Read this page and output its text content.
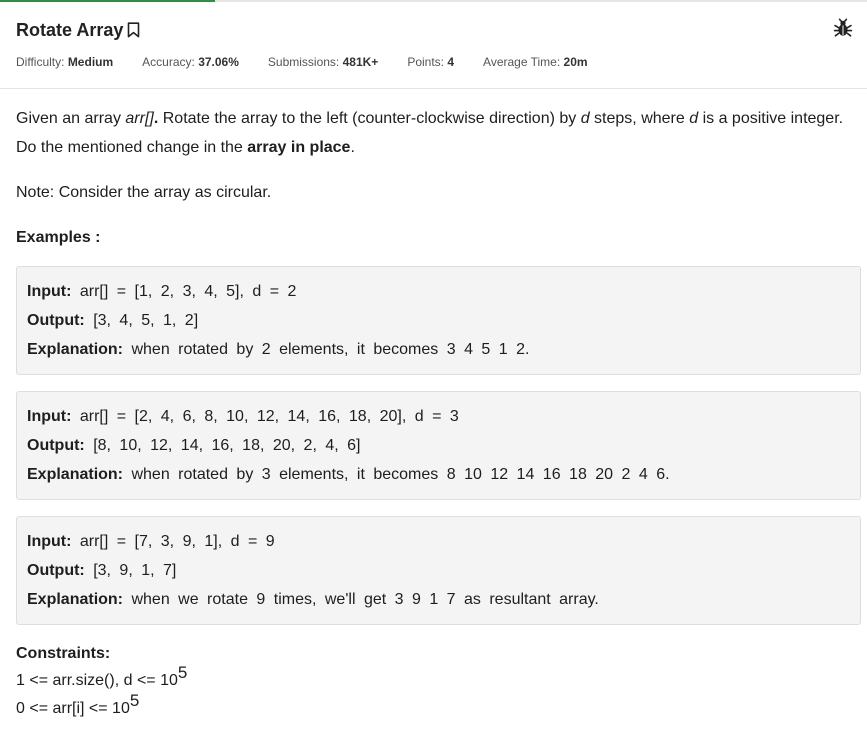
Rotate Array
Difficulty: Medium Accuracy: 37.06% Submissions: 481K+ Points: 4 Average Time: 20m

Given an array arr[]. Rotate the array to the left (counter-clockwise direction) by d steps, where d is a positive integer. Do the mentioned change in the array in place.

Note: Consider the array as circular.

Examples :

Input: arr[] = [1, 2, 3, 4, 5], d = 2
Output: [3, 4, 5, 1, 2]
Explanation: when rotated by 2 elements, it becomes 3 4 5 1 2.
Input: arr[] = [2, 4, 6, 8, 10, 12, 14, 16, 18, 20], d = 3
Output: [8, 10, 12, 14, 16, 18, 20, 2, 4, 6]
Explanation: when rotated by 3 elements, it becomes 8 10 12 14 16 18 20 2 4 6.
Input: arr[] = [7, 3, 9, 1], d = 9
Output: [3, 9, 1, 7]
Explanation: when we rotate 9 times, we'll get 3 9 1 7 as resultant array.
Constraints:
1 <= arr.size(), $d <= 10^5$
$0 <= arr[i] <= 10^5$
